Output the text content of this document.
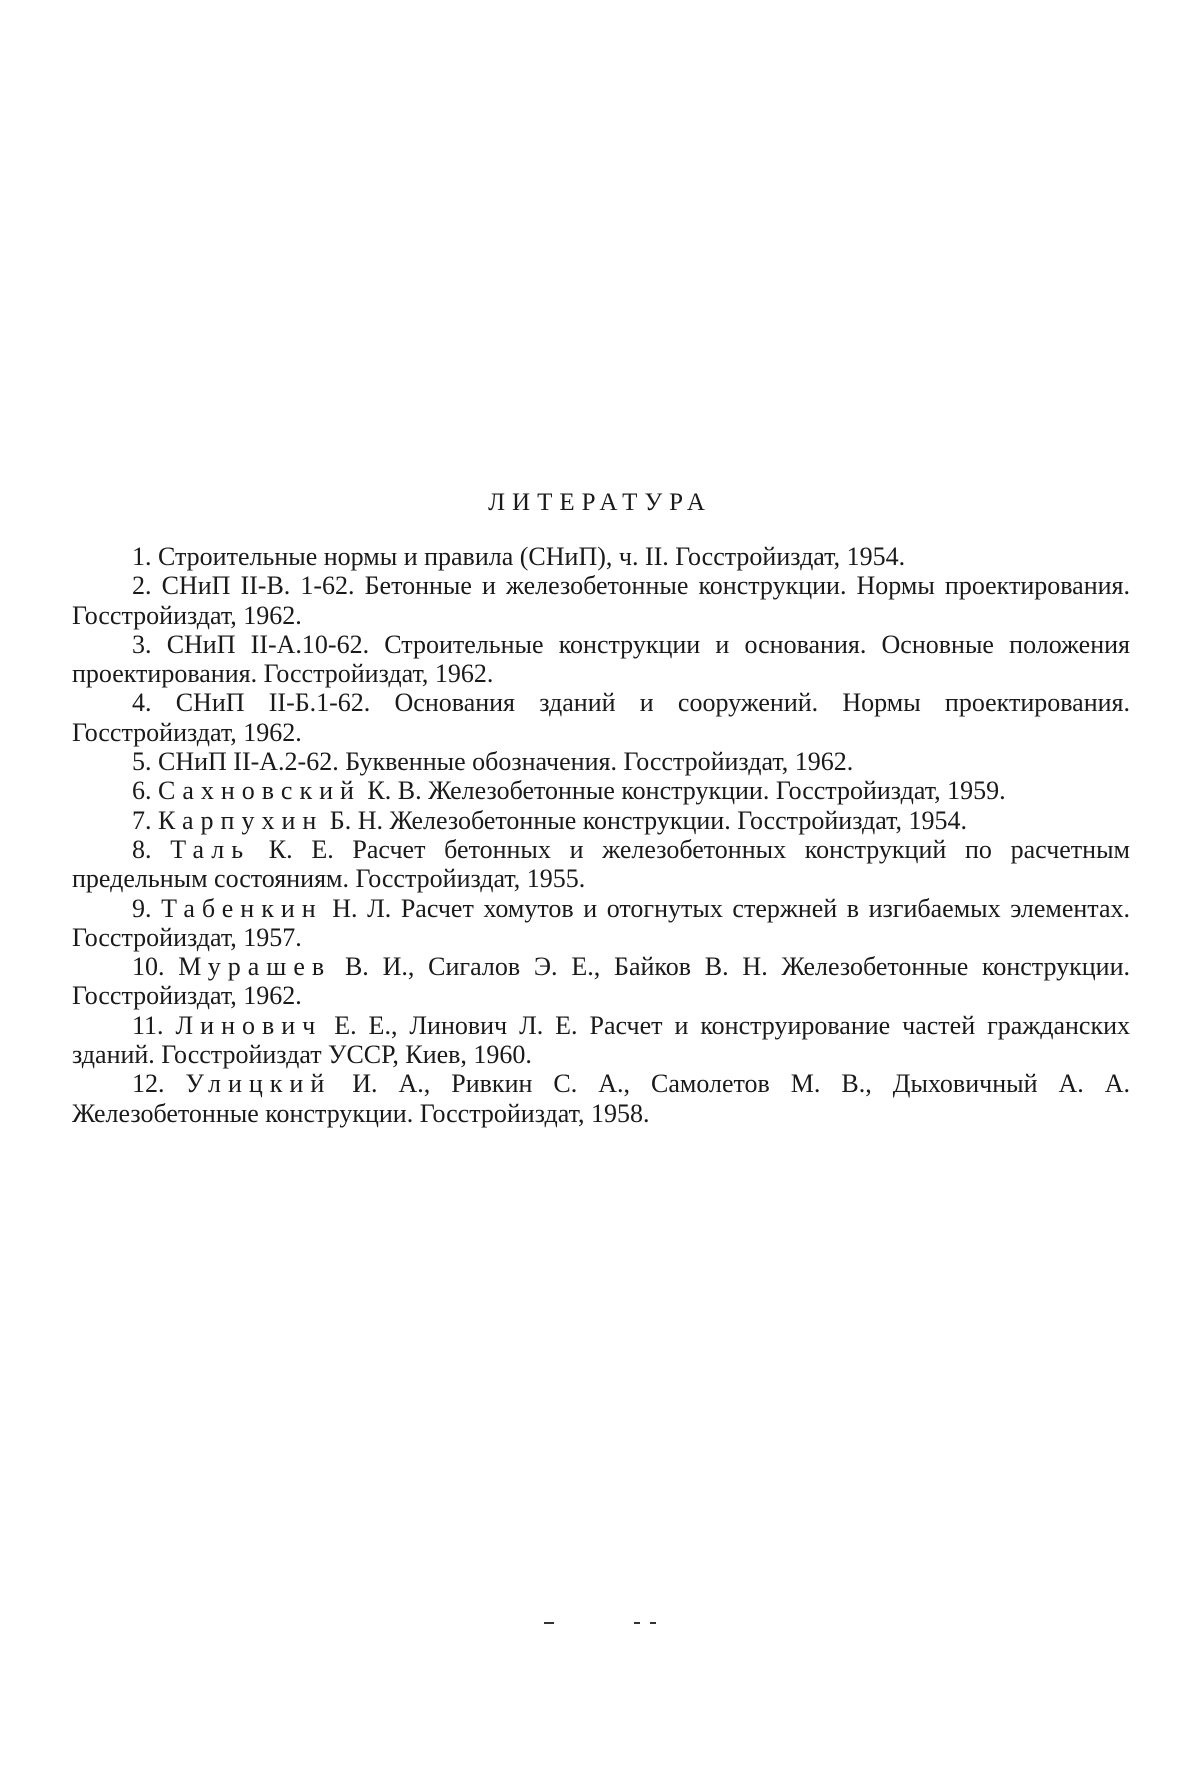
ЛИТЕРАТУРА
1. Строительные нормы и правила (СНиП), ч. II. Госстройиздат, 1954.
2. СНиП II-В. 1-62. Бетонные и железобетонные конструкции. Нормы проектирования. Госстройиздат, 1962.
3. СНиП II-А.10-62. Строительные конструкции и основания. Основные положения проектирования. Госстройиздат, 1962.
4. СНиП II-Б.1-62. Основания зданий и сооружений. Нормы проектирования. Госстройиздат, 1962.
5. СНиП II-А.2-62. Буквенные обозначения. Госстройиздат, 1962.
6. Сахновский К. В. Железобетонные конструкции. Госстройиздат, 1959.
7. Карпухин Б. Н. Железобетонные конструкции. Госстройиздат, 1954.
8. Таль К. Е. Расчет бетонных и железобетонных конструкций по расчетным предельным состояниям. Госстройиздат, 1955.
9. Табенкин Н. Л. Расчет хомутов и отогнутых стержней в изгибаемых элементах. Госстройиздат, 1957.
10. Мурашев В. И., Сигалов Э. Е., Байков В. Н. Железобетонные конструкции. Госстройиздат, 1962.
11. Линович Е. Е., Линович Л. Е. Расчет и конструирование частей гражданских зданий. Госстройиздат УССР, Киев, 1960.
12. Улицкий И. А., Ривкин С. А., Самолетов М. В., Дыховичный А. А. Железобетонные конструкции. Госстройиздат, 1958.
